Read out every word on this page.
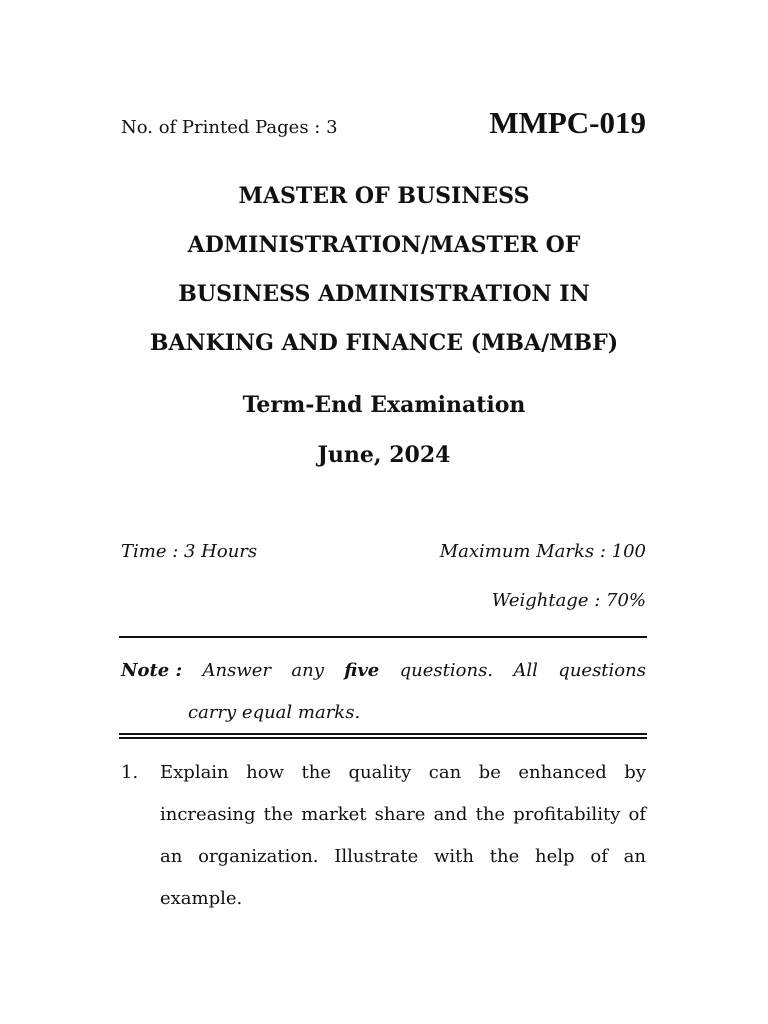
No. of Printed Pages : 3	MMPC-019
MASTER OF BUSINESS
ADMINISTRATION/MASTER OF
BUSINESS ADMINISTRATION IN
BANKING AND FINANCE (MBA/MBF)
Term-End Examination
June, 2024
Time : 3 Hours	Maximum Marks : 100
Weightage : 70%
Note : Answer any five questions. All questions
carry equal marks.
1. Explain how the quality can be enhanced by increasing the market share and the profitability of an organization. Illustrate with the help of an example.
